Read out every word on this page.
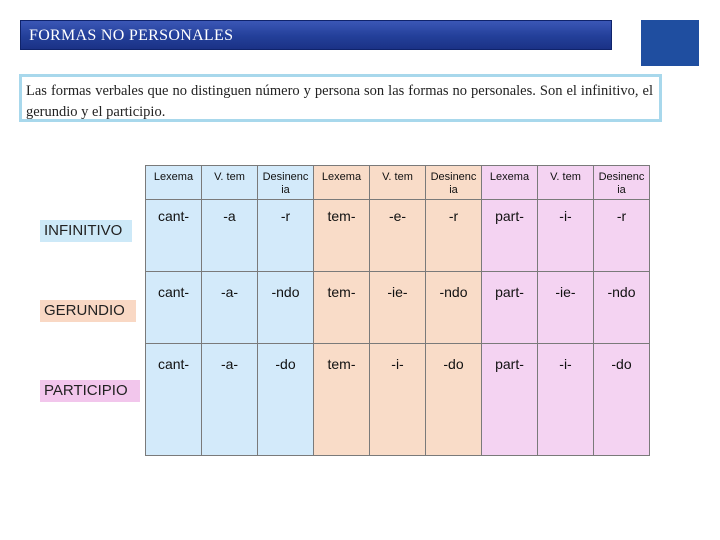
FORMAS NO PERSONALES
Las formas verbales que no distinguen número y persona son las formas no personales. Son el infinitivo, el gerundio y el participio.
INFINITIVO
GERUNDIO
PARTICIPIO
Lexema	V. tem	Desinenc ia	Lexema	V. tem	Desinenc ia	Lexema	V. tem	Desinenc ia
cant-	-a	-r	tem-	-e-	-r	part-	-i-	-r
cant-	-a-	-ndo	tem-	-ie-	-ndo	part-	-ie-	-ndo
cant-	-a-	-do	tem-	-i-	-do	part-	-i-	-do
